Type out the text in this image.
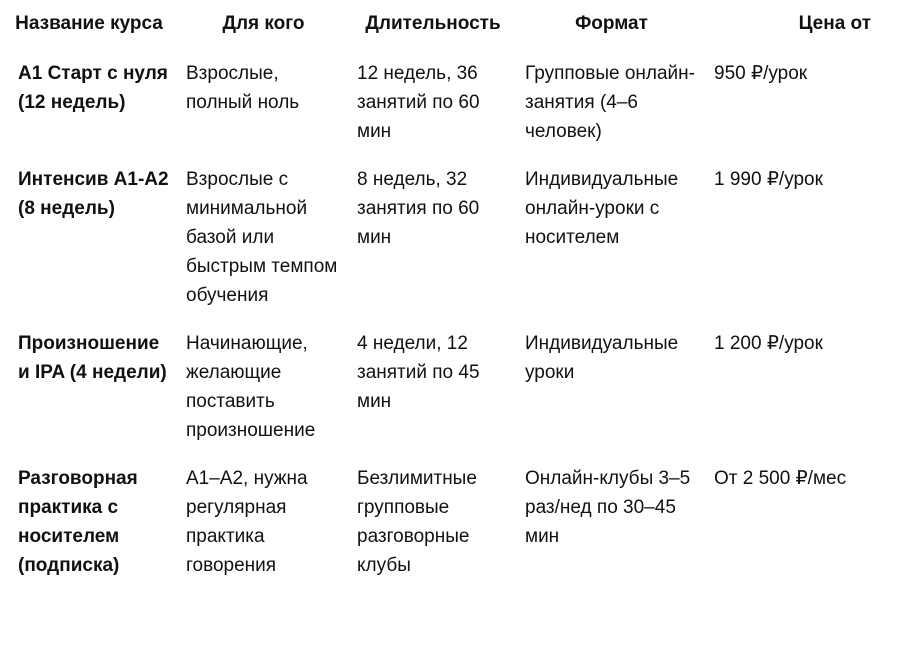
Название курса	Для кого	Длительность	Формат	Цена от
A1 Старт с нуля (12 недель)	Взрослые, полный ноль	12 недель, 36 занятий по 60 мин	Групповые онлайн-занятия (4–6 человек)	950 ₽/урок
Интенсив A1-A2 (8 недель)	Взрослые с минимальной базой или быстрым темпом обучения	8 недель, 32 занятия по 60 мин	Индивидуальные онлайн-уроки с носителем	1 990 ₽/урок
Произношение и IPA (4 недели)	Начинающие, желающие поставить произношение	4 недели, 12 занятий по 45 мин	Индивидуальные уроки	1 200 ₽/урок
Разговорная практика с носителем (подписка)	A1–A2, нужна регулярная практика говорения	Безлимитные групповые разговорные клубы	Онлайн-клубы 3–5 раз/нед по 30–45 мин	От 2 500 ₽/мес
